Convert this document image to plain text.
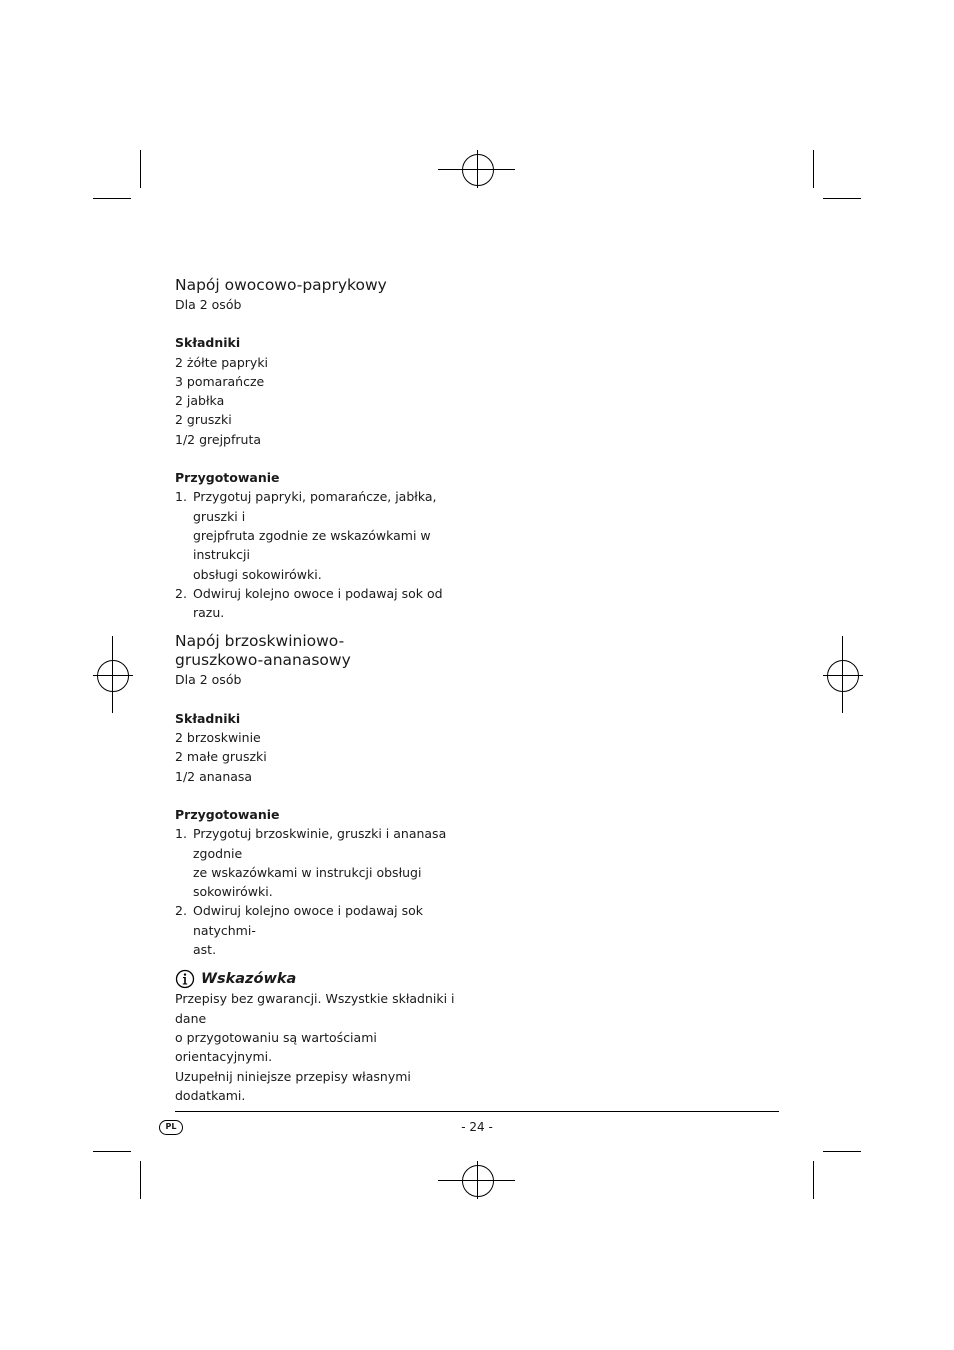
Napój owocowo-paprykowy
Dla 2 osób
Składniki
2 żółte papryki
3 pomarańcze
2 jabłka
2 gruszki
1/2 grejpfruta
Przygotowanie
1. Przygotuj papryki, pomarańcze, jabłka, gruszki i
grejpfruta zgodnie ze wskazówkami w instrukcji
obsługi sokowirówki.
2. Odwiruj kolejno owoce i podawaj sok od razu.
Napój brzoskwiniowo-
gruszkowo-ananasowy
Dla 2 osób
Składniki
2 brzoskwinie
2 małe gruszki
1/2 ananasa
Przygotowanie
1. Przygotuj brzoskwinie, gruszki i ananasa zgodnie
ze wskazówkami w instrukcji obsługi sokowirówki.
2. Odwiruj kolejno owoce i podawaj sok natychmi-
ast.
Wskazówka
Przepisy bez gwarancji. Wszystkie składniki i dane
o przygotowaniu są wartościami orientacyjnymi.
Uzupełnij niniejsze przepisy własnymi dodatkami.
PL	- 24 -
